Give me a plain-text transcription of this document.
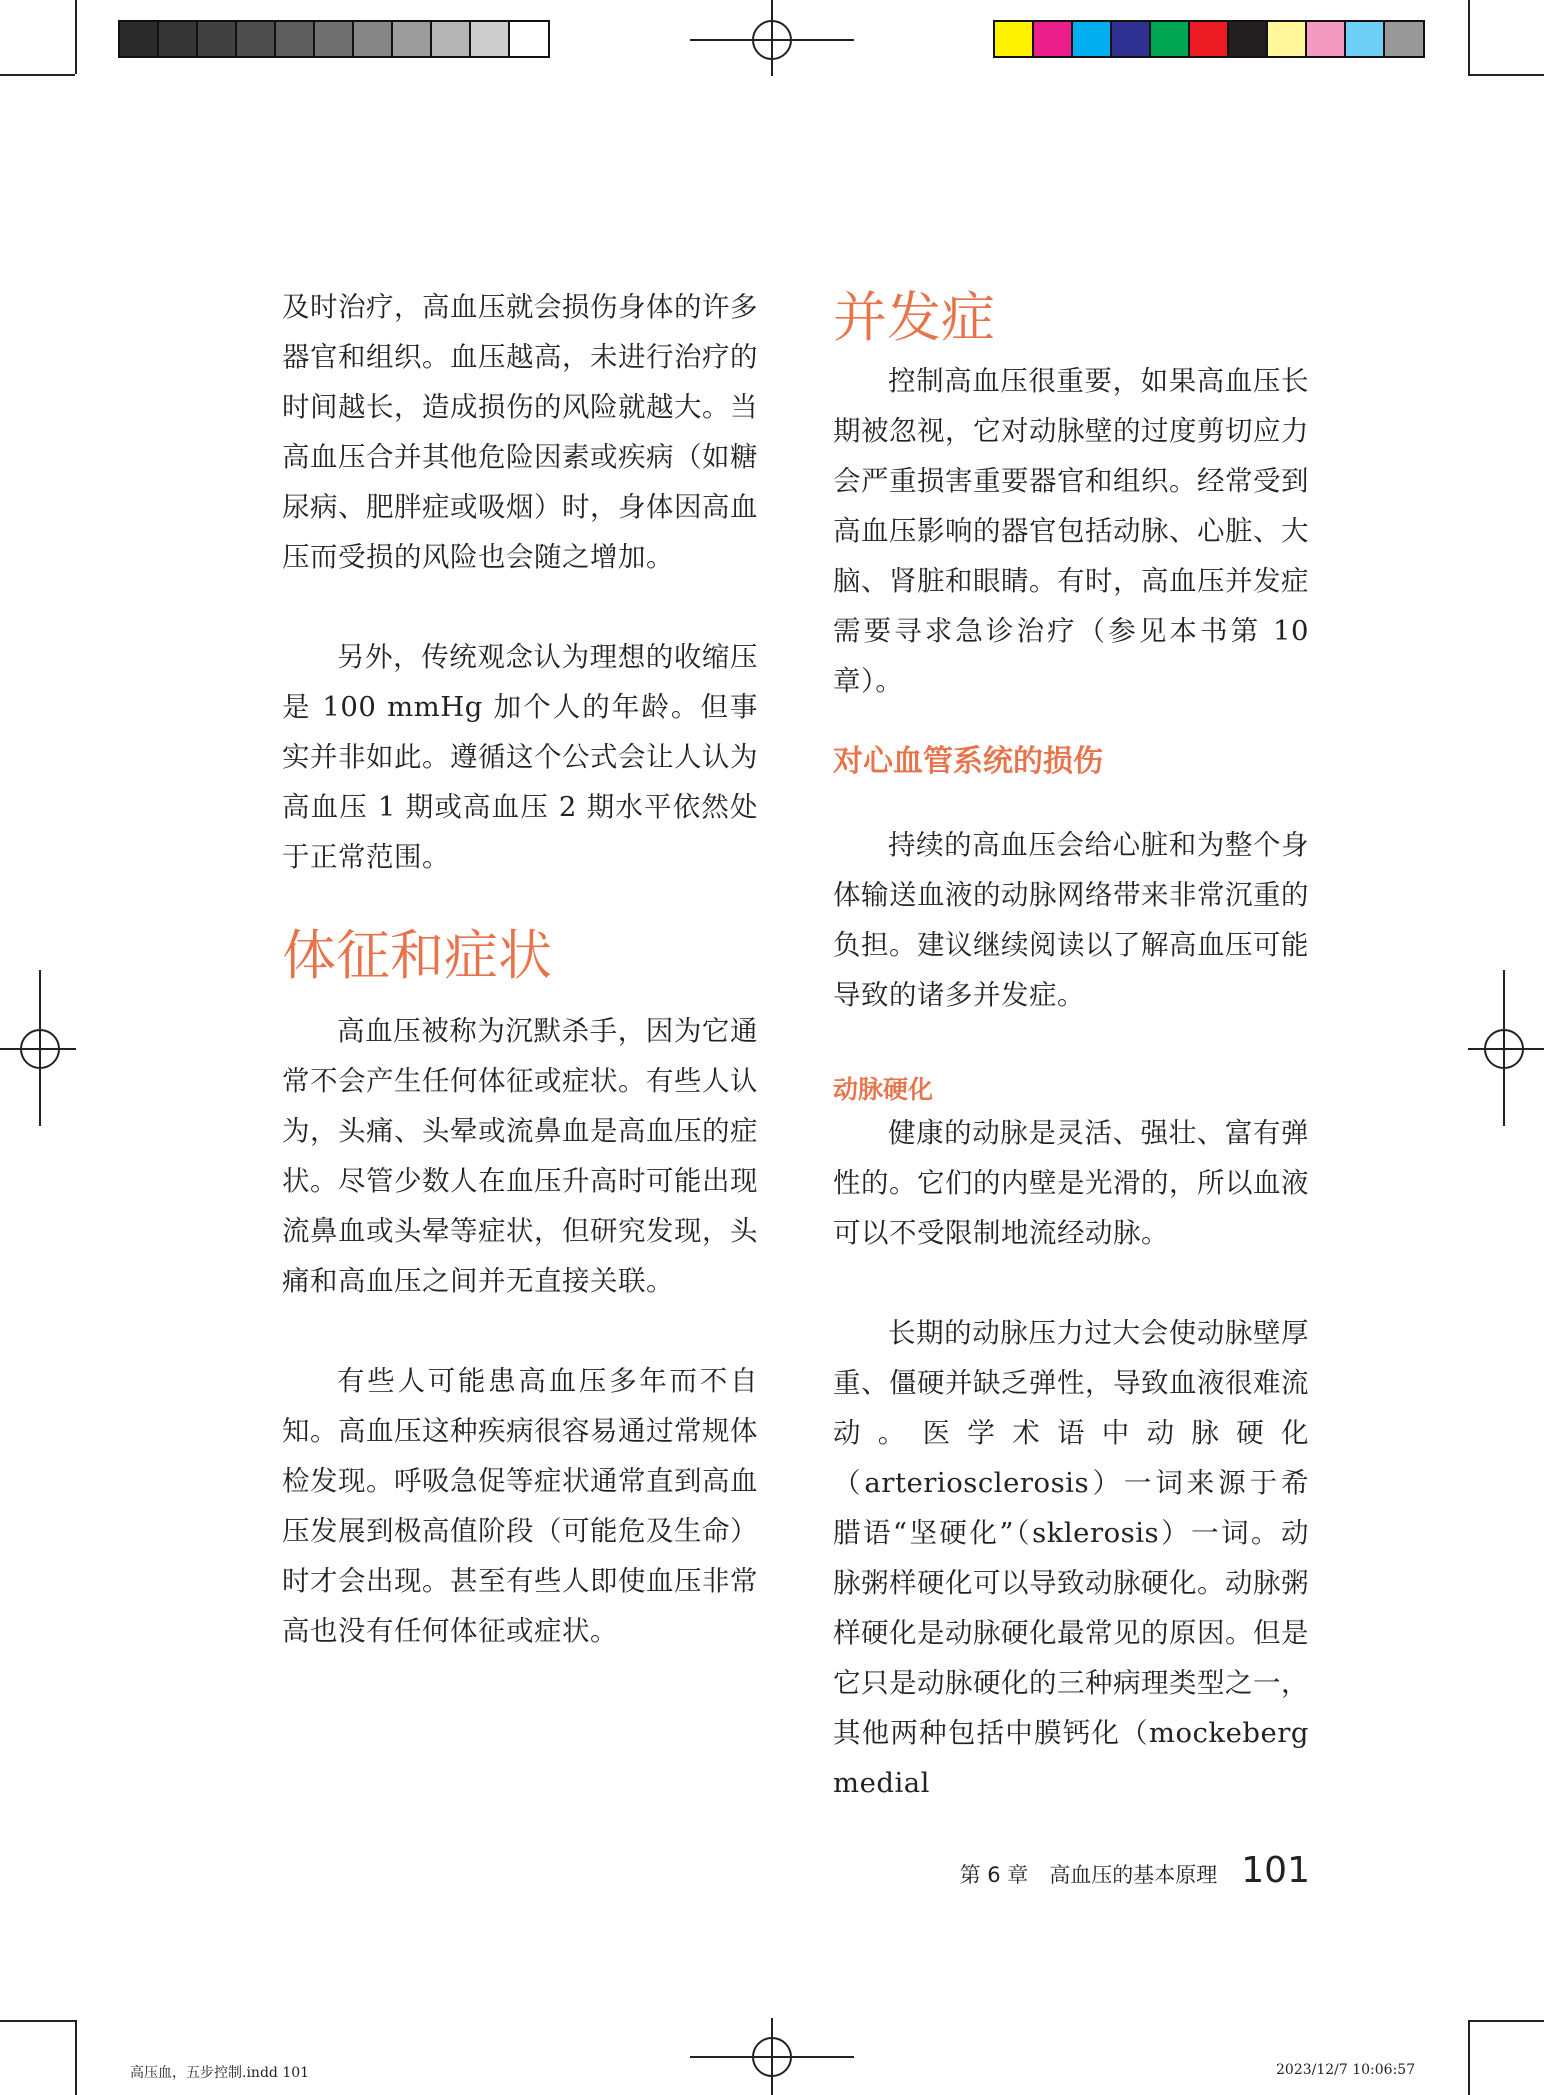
及时治疗，高血压就会损伤身体的许多器官和组织。血压越高，未进行治疗的时间越长，造成损伤的风险就越大。当高血压合并其他危险因素或疾病（如糖尿病、肥胖症或吸烟）时，身体因高血压而受损的风险也会随之增加。

另外，传统观念认为理想的收缩压是 100 mmHg 加个人的年龄。但事实并非如此。遵循这个公式会让人认为高血压 1 期或高血压 2 期水平依然处于正常范围。

体征和症状

高血压被称为沉默杀手，因为它通常不会产生任何体征或症状。有些人认为，头痛、头晕或流鼻血是高血压的症状。尽管少数人在血压升高时可能出现流鼻血或头晕等症状，但研究发现，头痛和高血压之间并无直接关联。

有些人可能患高血压多年而不自知。高血压这种疾病很容易通过常规体检发现。呼吸急促等症状通常直到高血压发展到极高值阶段（可能危及生命）时才会出现。甚至有些人即使血压非常高也没有任何体征或症状。

并发症

控制高血压很重要，如果高血压长期被忽视，它对动脉壁的过度剪切应力会严重损害重要器官和组织。经常受到高血压影响的器官包括动脉、心脏、大脑、肾脏和眼睛。有时，高血压并发症需要寻求急诊治疗（参见本书第 10 章）。

对心血管系统的损伤

持续的高血压会给心脏和为整个身体输送血液的动脉网络带来非常沉重的负担。建议继续阅读以了解高血压可能导致的诸多并发症。

动脉硬化

健康的动脉是灵活、强壮、富有弹性的。它们的内壁是光滑的，所以血液可以不受限制地流经动脉。

长期的动脉压力过大会使动脉壁厚重、僵硬并缺乏弹性，导致血液很难流动。医学术语中动脉硬化（arteriosclerosis）一词来源于希腊语“坚硬化”（sklerosis）一词。动脉粥样硬化可以导致动脉硬化。动脉粥样硬化是动脉硬化最常见的原因。但是它只是动脉硬化的三种病理类型之一，其他两种包括中膜钙化（mockeberg medial

第 6 章　高血压的基本原理 101
高压血，五步控制.indd 101	2023/12/7 10:06:57
